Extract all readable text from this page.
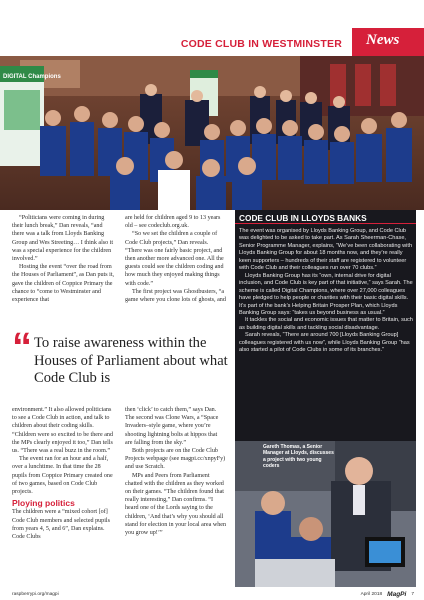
CODE CLUB IN WESTMINSTER News
DIGITAL Champions

“Politicians were coming in during their lunch break,” Dan reveals, “and there was a talk from Lloyds Banking Group and Wes Streeting… I think also it was a special experience for the children involved.”

Hosting the event “over the road from the Houses of Parliament”, as Dan puts it, gave the children of Coppice Primary the chance to “come to Westminster and experience that

are held for children aged 9 to 13 years old – see codeclub.org.uk.

“So we set the children a couple of Code Club projects,” Dan reveals. “There was one fairly basic project, and then another more advanced one. All the guests could see the children coding and how much they enjoyed making things with code.”

The first project was Ghostbusters, “a game where you clone lots of ghosts, and

“ To raise awareness within the Houses of Parliament about what Code Club is

environment.” It also allowed politicians to see a Code Club in action, and talk to children about their coding skills. “Children were so excited to be there and the MPs clearly enjoyed it too,” Dan tells us. “There was a real buzz in the room.”

The event ran for an hour and a half, over a lunchtime. In that time the 28 pupils from Coppice Primary created one of two games, based on Code Club projects.

Ploying politics

The children were a “mixed cohort [of] Code Club members and selected pupils from years 4, 5, and 6”, Dan explains. Code Clubs

then ‘click’ to catch them,” says Dan. The second was Clone Wars, a “Space Invaders–style game, where you’re shooting lightning bolts at hippos that are falling from the sky.”

Both projects are on the Code Club Projects webpage (see magpi.cc/xnpyFy) and use Scratch.

MPs and Peers from Parliament chatted with the children as they worked on their games. “The children found that really interesting,” Dan confirms. “I heard one of the Lords saying to the children, ‘And that’s why you should all stand for election in your local area when you grow up!’”

CODE CLUB IN LLOYDS BANKS

The event was organised by Lloyds Banking Group, and Code Club was delighted to be asked to take part. As Sarah Sheerman-Chase, Senior Programme Manager, explains, “We’ve been collaborating with Lloyds Banking Group for about 18 months now, and they’re really keen supporters – hundreds of their staff are registered to volunteer with Code Club and their colleagues run over 70 clubs.”

Lloyds Banking Group has its “own, internal drive for digital inclusion, and Code Club is key part of that initiative,” says Sarah. The scheme is called Digital Champions, where over 27,000 colleagues have pledged to help people or charities with their basic digital skills. It’s part of the bank’s Helping Britain Prosper Plan, which Lloyds Banking Group says: “takes us beyond business as usual.”

It tackles the social and economic issues that matter to Britain, such as building digital skills and tackling social disadvantage.

Sarah reveals, “There are around 700 [Lloyds Banking Group] colleagues registered with us now”, while Lloyds Banking Group “has also started a pilot of Code Clubs in some of its branches.”

Gareth Thomas, a Senior Manager at Lloyds, discusses a project with two young coders
raspberrypi.org/magpi	April 2018 MagPi 7
